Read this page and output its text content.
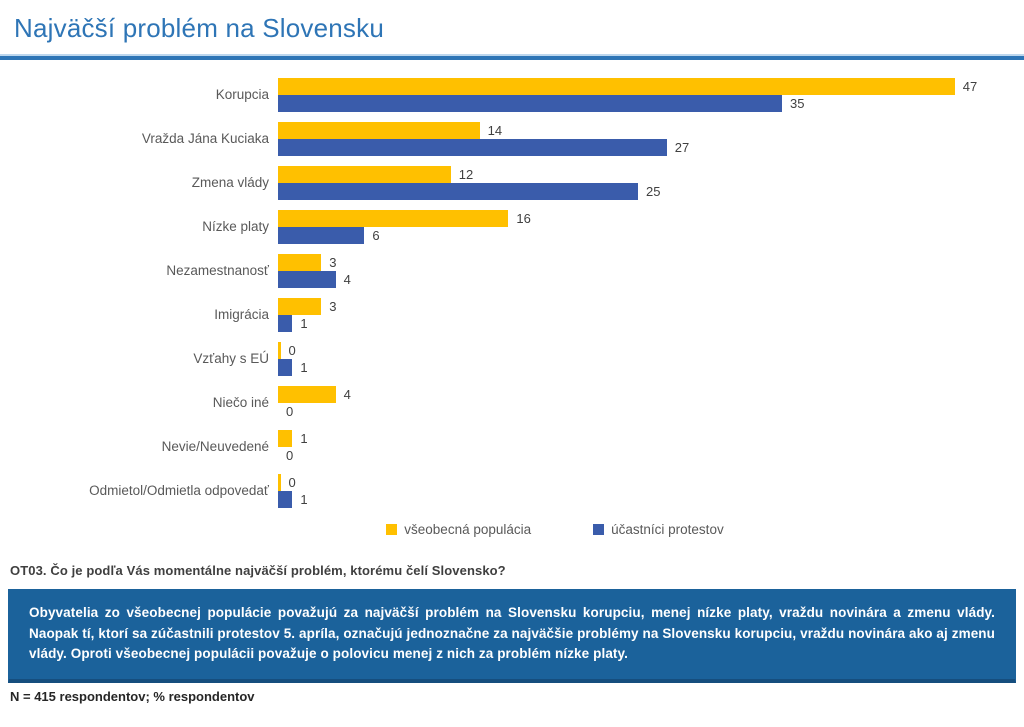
Najväčší problém na Slovensku
Korupcia
47
35
Vražda Jána Kuciaka
14
27
Zmena vlády
12
25
Nízke platy
16
6
Nezamestnanosť
3
4
Imigrácia
3
1
Vzťahy s EÚ
0
1
Niečo iné
4
0
Nevie/Neuvedené
1
0
Odmietol/Odmietla odpovedať
0
1
všeobecná populácia	účastníci protestov

OT03. Čo je podľa Vás momentálne najväčší problém, ktorému čelí Slovensko?

Obyvatelia zo všeobecnej populácie považujú za najväčší problém na Slovensku korupciu, menej nízke platy, vraždu novinára a zmenu vlády. Naopak tí, ktorí sa zúčastnili protestov 5. apríla, označujú jednoznačne za najväčšie problémy na Slovensku korupciu, vraždu novinára ako aj zmenu vlády. Oproti všeobecnej populácii považuje o polovicu menej z nich za problém nízke platy.

N = 415 respondentov; % respondentov
